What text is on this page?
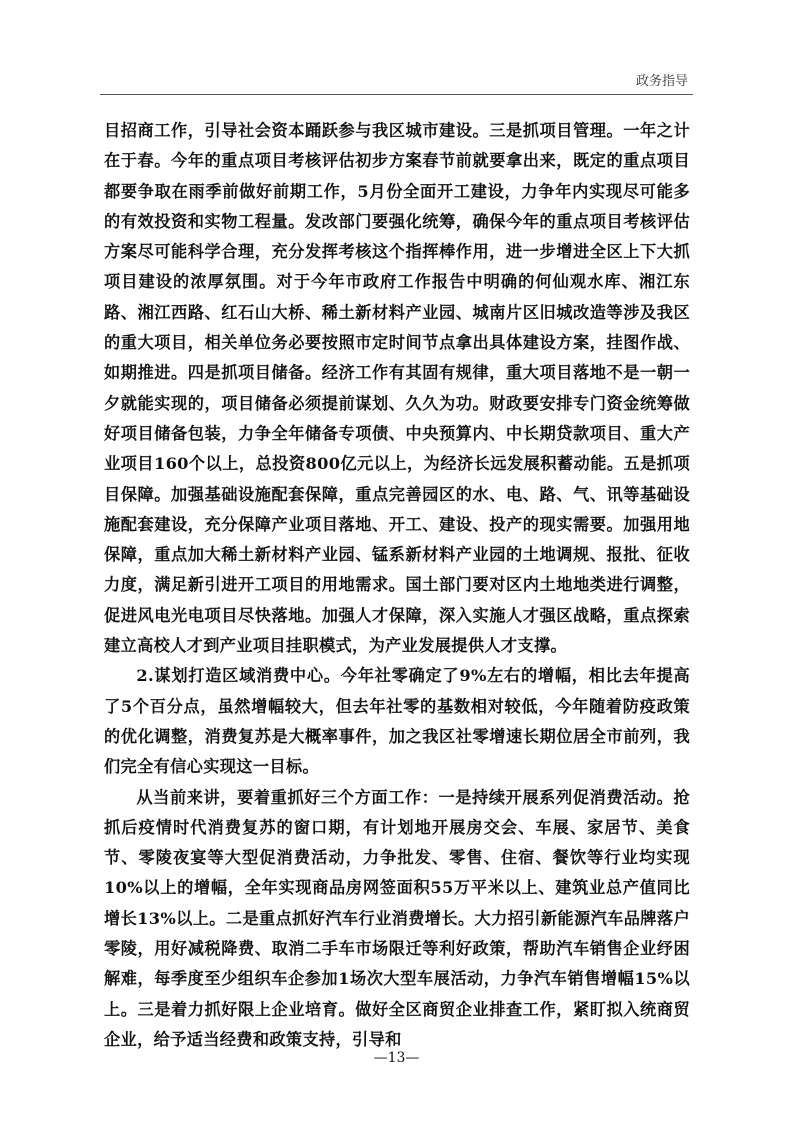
政务指导

目招商工作，引导社会资本踊跃参与我区城市建设。三是抓项目管理。一年之计在于春。今年的重点项目考核评估初步方案春节前就要拿出来，既定的重点项目都要争取在雨季前做好前期工作，5月份全面开工建设，力争年内实现尽可能多的有效投资和实物工程量。发改部门要强化统筹，确保今年的重点项目考核评估方案尽可能科学合理，充分发挥考核这个指挥棒作用，进一步增进全区上下大抓项目建设的浓厚氛围。对于今年市政府工作报告中明确的何仙观水库、湘江东路、湘江西路、红石山大桥、稀土新材料产业园、城南片区旧城改造等涉及我区的重大项目，相关单位务必要按照市定时间节点拿出具体建设方案，挂图作战、如期推进。四是抓项目储备。经济工作有其固有规律，重大项目落地不是一朝一夕就能实现的，项目储备必须提前谋划、久久为功。财政要安排专门资金统筹做好项目储备包装，力争全年储备专项债、中央预算内、中长期贷款项目、重大产业项目160个以上，总投资800亿元以上，为经济长远发展积蓄动能。五是抓项目保障。加强基础设施配套保障，重点完善园区的水、电、路、气、讯等基础设施配套建设，充分保障产业项目落地、开工、建设、投产的现实需要。加强用地保障，重点加大稀土新材料产业园、锰系新材料产业园的土地调规、报批、征收力度，满足新引进开工项目的用地需求。国土部门要对区内土地地类进行调整，促进风电光电项目尽快落地。加强人才保障，深入实施人才强区战略，重点探索建立高校人才到产业项目挂职模式，为产业发展提供人才支撑。

2.谋划打造区域消费中心。今年社零确定了9%左右的增幅，相比去年提高了5个百分点，虽然增幅较大，但去年社零的基数相对较低，今年随着防疫政策的优化调整，消费复苏是大概率事件，加之我区社零增速长期位居全市前列，我们完全有信心实现这一目标。

从当前来讲，要着重抓好三个方面工作：一是持续开展系列促消费活动。抢抓后疫情时代消费复苏的窗口期，有计划地开展房交会、车展、家居节、美食节、零陵夜宴等大型促消费活动，力争批发、零售、住宿、餐饮等行业均实现10%以上的增幅，全年实现商品房网签面积55万平米以上、建筑业总产值同比增长13%以上。二是重点抓好汽车行业消费增长。大力招引新能源汽车品牌落户零陵，用好减税降费、取消二手车市场限迁等利好政策，帮助汽车销售企业纾困解难，每季度至少组织车企参加1场次大型车展活动，力争汽车销售增幅15%以上。三是着力抓好限上企业培育。做好全区商贸企业排查工作，紧盯拟入统商贸企业，给予适当经费和政策支持，引导和

—13—
